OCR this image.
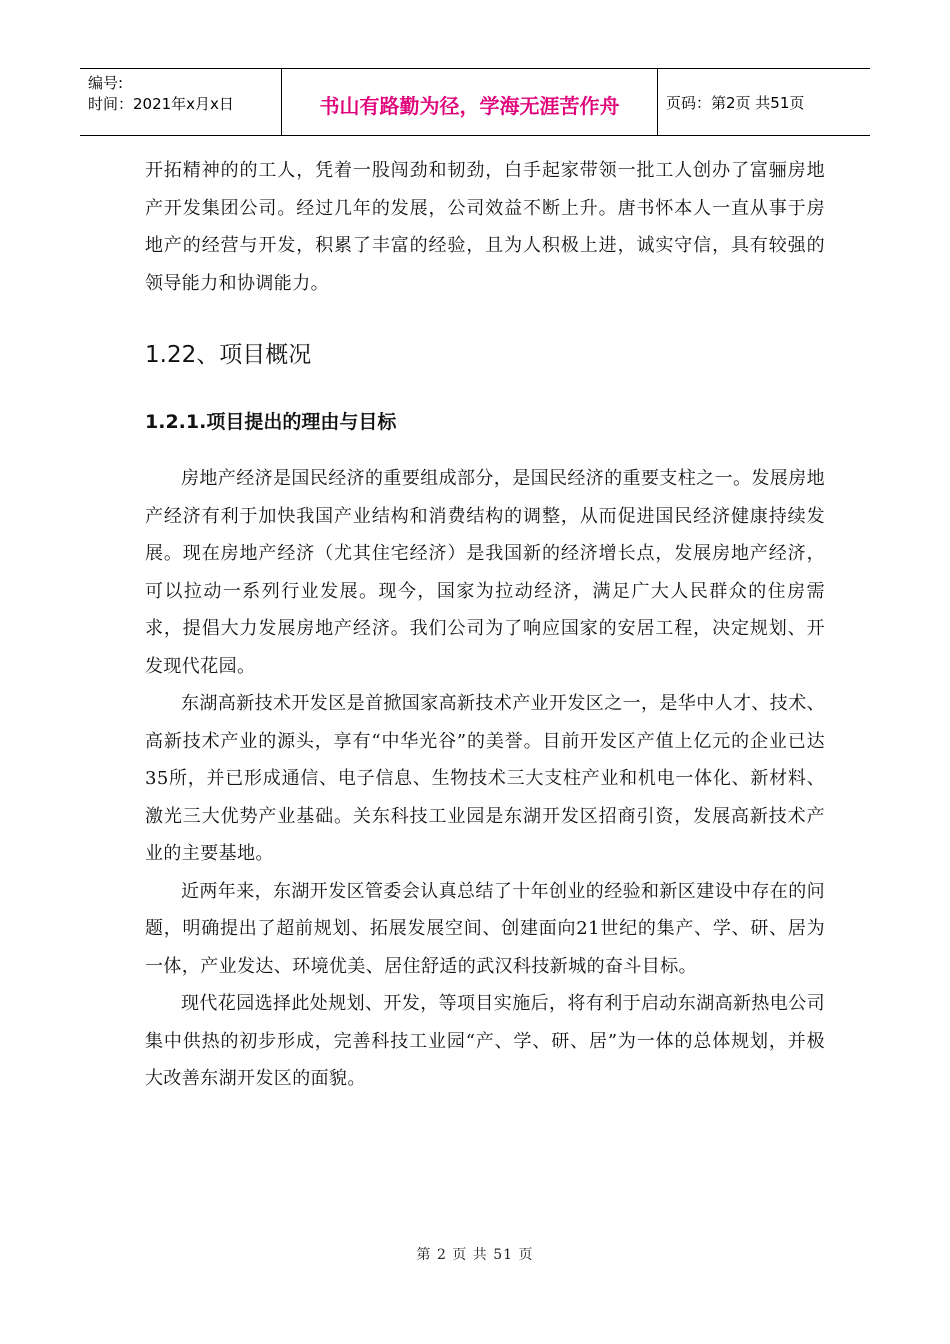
编号:
时间：2021年x月x日	书山有路勤为径，学海无涯苦作舟	页码：第2页 共51页

开拓精神的的工人，凭着一股闯劲和韧劲，白手起家带领一批工人创办了富骊房地产开发集团公司。经过几年的发展，公司效益不断上升。唐书怀本人一直从事于房地产的经营与开发，积累了丰富的经验，且为人积极上进，诚实守信，具有较强的领导能力和协调能力。

1.22、项目概况
1.2.1.项目提出的理由与目标

房地产经济是国民经济的重要组成部分，是国民经济的重要支柱之一。发展房地产经济有利于加快我国产业结构和消费结构的调整，从而促进国民经济健康持续发展。现在房地产经济（尤其住宅经济）是我国新的经济增长点，发展房地产经济，可以拉动一系列行业发展。现今，国家为拉动经济，满足广大人民群众的住房需求，提倡大力发展房地产经济。我们公司为了响应国家的安居工程，决定规划、开发现代花园。

东湖高新技术开发区是首掀国家高新技术产业开发区之一，是华中人才、技术、高新技术产业的源头，享有“中华光谷”的美誉。目前开发区产值上亿元的企业已达35所，并已形成通信、电子信息、生物技术三大支柱产业和机电一体化、新材料、激光三大优势产业基础。关东科技工业园是东湖开发区招商引资，发展高新技术产业的主要基地。

近两年来，东湖开发区管委会认真总结了十年创业的经验和新区建设中存在的问题，明确提出了超前规划、拓展发展空间、创建面向21世纪的集产、学、研、居为一体，产业发达、环境优美、居住舒适的武汉科技新城的奋斗目标。

现代花园选择此处规划、开发，等项目实施后，将有利于启动东湖高新热电公司集中供热的初步形成，完善科技工业园“产、学、研、居”为一体的总体规划，并极大改善东湖开发区的面貌。

第 2 页 共 51 页
